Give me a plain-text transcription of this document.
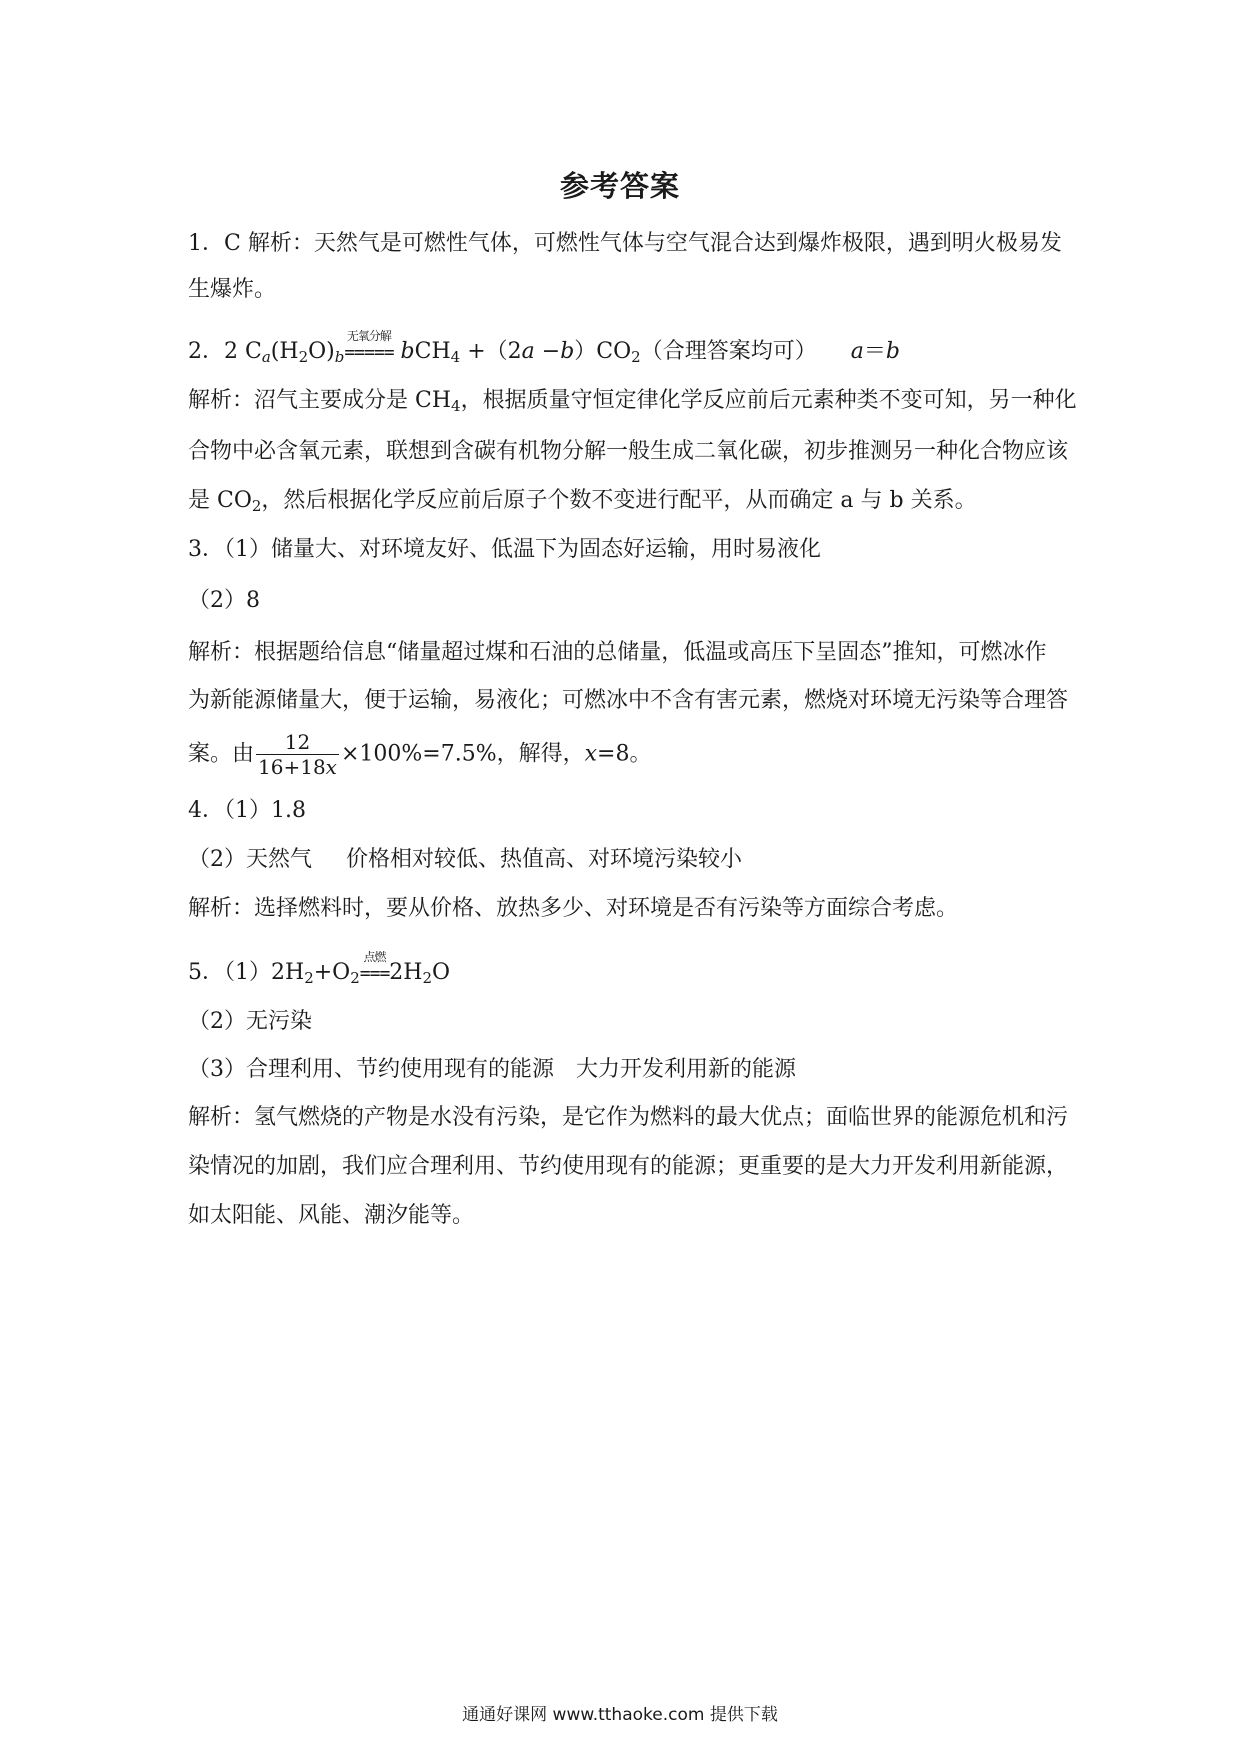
参考答案
1．C 解析：天然气是可燃性气体，可燃性气体与空气混合达到爆炸极限，遇到明火极易发
生爆炸。
2．2 $C_a(H_2O)_b$
无氧分解
===== $bCH_4 +(2a -b)CO_2$（合理答案均可） a＝b
解析：沼气主要成分是 $CH_4$，根据质量守恒定律化学反应前后元素种类不变可知，另一种化
合物中必含氧元素，联想到含碳有机物分解一般生成二氧化碳，初步推测另一种化合物应该
是 $CO_2$，然后根据化学反应前后原子个数不变进行配平，从而确定 a 与 b 关系。
3．（1）储量大、对环境友好、低温下为固态好运输，用时易液化
（2）8
解析：根据题给信息“储量超过煤和石油的总储量，低温或高压下呈固态”推知，可燃冰作
为新能源储量大，便于运输，易液化；可燃冰中不含有害元素，燃烧对环境无污染等合理答
案。由 $\frac{12}{16+18x} \times 100\%=7.5\%$，解得，x=8。
4．（1）1.8
（2）天然气 价格相对较低、热值高、对环境污染较小
解析：选择燃料时，要从价格、放热多少、对环境是否有污染等方面综合考虑。
5．$(1)2H_2+O_2$
点燃
$===2H_2O$
（2）无污染
（3）合理利用、节约使用现有的能源 大力开发利用新的能源
解析：氢气燃烧的产物是水没有污染，是它作为燃料的最大优点；面临世界的能源危机和污
染情况的加剧，我们应合理利用、节约使用现有的能源；更重要的是大力开发利用新能源，
如太阳能、风能、潮汐能等。
通通好课网 www.tthaoke.com 提供下载
